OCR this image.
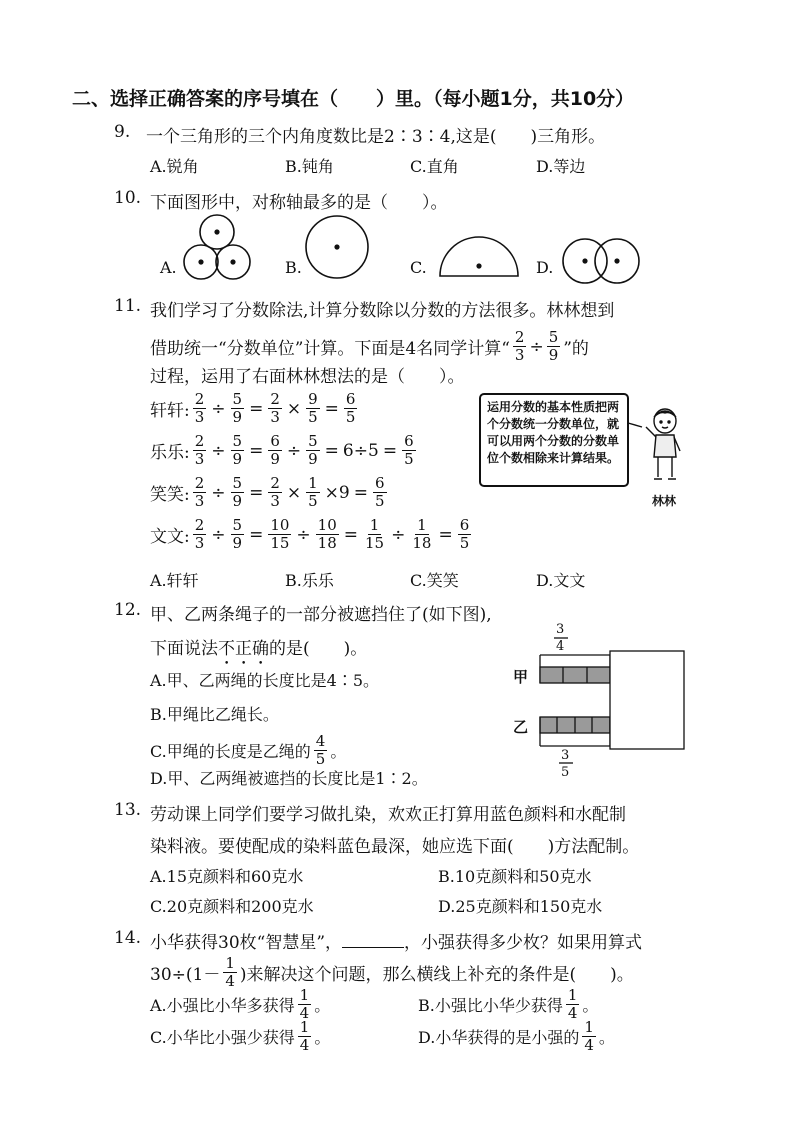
二、选择正确答案的序号填在（　　）里。（每小题1分，共10分）
9. 一个三角形的三个内角度数比是2∶3∶4,这是(　　)三角形。
A.锐角	B.钝角	C.直角	D.等边
10. 下面图形中，对称轴最多的是（　　）。
A.	B.	C.	D.
11. 我们学习了分数除法,计算分数除以分数的方法很多。林林想到
借助统一“分数单位”计算。下面是4名同学计算“ $\frac{2}{3} \div \frac{5}{9}$ ”的
过程，运用了右面林林想法的是（　　）。
轩轩: $\frac{2}{3} \div \frac{5}{9} = \frac{2}{3} \times \frac{9}{5} = \frac{6}{5}$
乐乐: $\frac{2}{3} \div \frac{5}{9} = \frac{6}{9} \div \frac{5}{9} = 6\div 5 = \frac{6}{5}$
笑笑: $\frac{2}{3} \div \frac{5}{9} = \frac{2}{3} \times \frac{1}{5} \times 9 = \frac{6}{5}$
文文: $\frac{2}{3} \div \frac{5}{9} = \frac{10}{15} \div \frac{10}{18} = \frac{1}{15} \div \frac{1}{18} = \frac{6}{5}$
运用分数的基本性质把两个分数统一分数单位，就可以用两个分数的分数单位个数相除来计算结果。
林林
A.轩轩	B.乐乐	C.笑笑	D.文文
12. 甲、乙两条绳子的一部分被遮挡住了(如下图),
下面说法不正确的是(　　)。
A.甲、乙两绳的长度比是4∶5。
B.甲绳比乙绳长。
C.甲绳的长度是乙绳的 $\frac{4}{5}$ 。
D.甲、乙两绳被遮挡的长度比是1∶2。
3
4
3
5
甲
乙
13. 劳动课上同学们要学习做扎染，欢欢正打算用蓝色颜料和水配制
染料液。要使配成的染料蓝色最深，她应选下面(　　)方法配制。
A.15克颜料和60克水	B.10克颜料和50克水
C.20克颜料和200克水	D.25克颜料和150克水
14. 小华获得30枚“智慧星”，	，小强获得多少枚？如果用算式
$30\div(1- \frac{1}{4}$ )来解决这个问题，那么横线上补充的条件是(　　)。
A.小强比小华多获得 $\frac{1}{4}$ 。	B.小强比小华少获得 $\frac{1}{4}$ 。
C.小华比小强少获得 $\frac{1}{4}$ 。	D.小华获得的是小强的 $\frac{1}{4}$ 。
